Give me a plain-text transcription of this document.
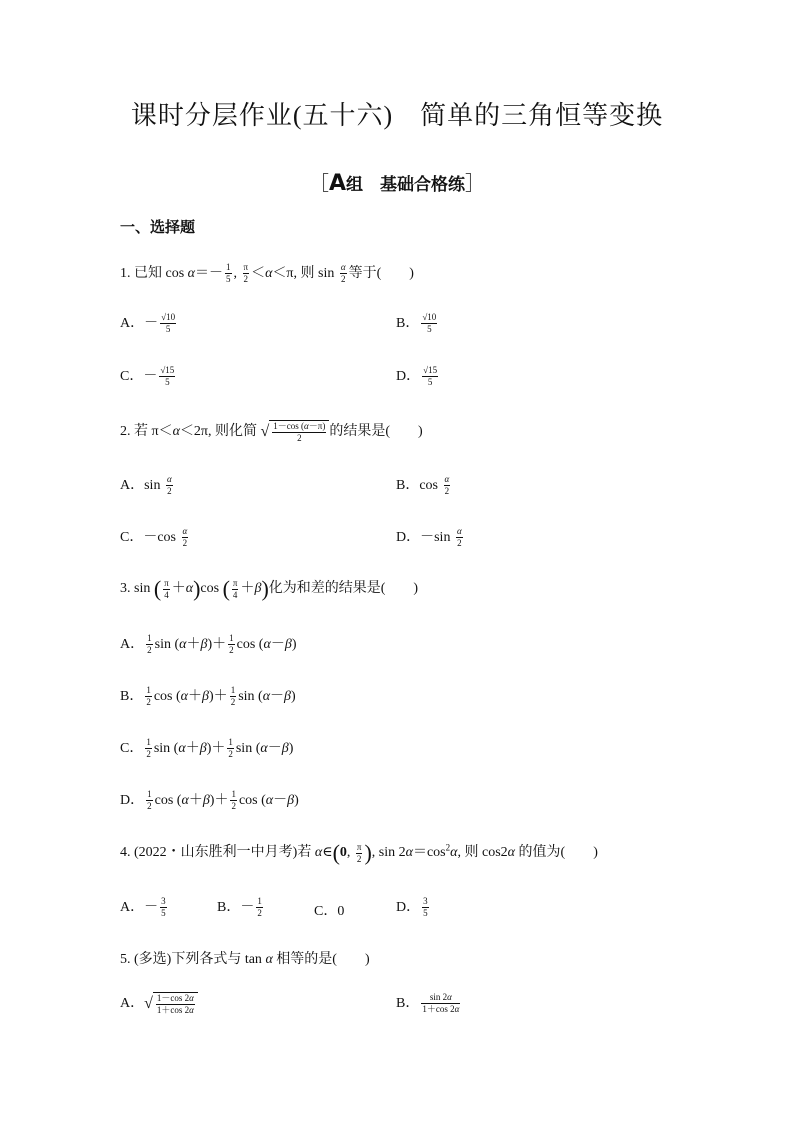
课时分层作业(五十六)　简单的三角恒等变换
［A组　基础合格练］
一、选择题
1. 已知 $\cos \alpha=- \frac{1}{5}$ , $\frac{\pi}{2} <\alpha<\pi$, 则 $\sin \frac{\alpha}{2}$ 等于(　　)
A．－ $\frac{√10}{5}$	B． $\frac{√10}{5}$
C．－ $\frac{√15}{5}$	D． $\frac{√15}{5}$
2. 若 π＜α＜2π, 则化简 √ $\frac{1-\cos (\alpha-\pi)}{2}$ 的结果是(　　)
A．$\sin \frac{\alpha}{2}$	B．$\cos \frac{\alpha}{2}$
C．$-\cos \frac{\alpha}{2}$	D．$-\sin \frac{\alpha}{2}$
3. sin ( $\frac{\pi}{4} +\alpha)\cos$ ( $\frac{\pi}{4} +\beta$)化为和差的结果是(　　)
A． $\frac{1}{2}$ $\sin (\alpha+\beta)+ \frac{1}{2}$ cos (α－β)
B． $\frac{1}{2}$ $\cos (\alpha+\beta)+ \frac{1}{2}$ sin (α－β)
C． $\frac{1}{2}$ $\sin (\alpha+\beta)+ \frac{1}{2}$ sin (α－β)
D． $\frac{1}{2}$ $\cos (\alpha+\beta)+ \frac{1}{2}$ cos (α－β)
4. (2022・山东胜利一中月考)若 α∈(0, $\frac{\pi}{2}$ ), $\sin 2\alpha=\cos^2\alpha$, 则 cos2α 的值为(　　)
A．－ $\frac{3}{5}$	B．－ $\frac{1}{2}$	C．0	D． $\frac{3}{5}$
5. (多选)下列各式与 tan α 相等的是(　　)
A．√ $\frac{1-\cos 2\alpha}{1+\cos 2\alpha}$	B． $\frac{\sin 2\alpha}{1+\cos 2\alpha}$
